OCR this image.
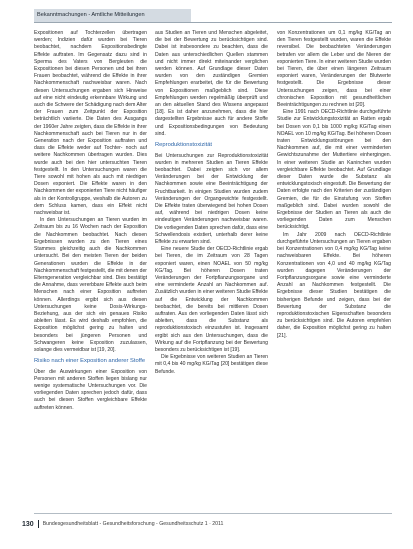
Bekanntmachungen - Amtliche Mitteilungen

Expositionen auf Tochterzellen übertragen werden; Indizien dafür wurden bei Tieren beobachtet, nachdem Expositionsbedingte Effekte auftraten. Im Gegensatz dazu sind in Sperma des Vaters von Bergleuten die Expositionen bei diesen Personen und bei ihren Frauen beobachtet, während die Effekte in ihrer Nachkommenschaft nachweisbar waren. Nach diesen Untersuchungen ergaben sich Hinweise auf eine nicht eindeutig erkennbare Wirkung und auch die Schwere der Schädigung nach dem Alter der Frauen zum Zeitpunkt der Exposition beträchtlich variierte. Die Daten des Ausgangs der 1960er Jahre zeigten, dass die Effekte in ihrer Nachkommenschaft auch bei Tieren nur in der Generation nach der Exposition auftraten und dass die Effekte weder auf Tochter- noch auf weitere Nachkommen übertragen wurden. Dies wurde auch bei den hier untersuchten Tieren festgestellt. In den Untersuchungen waren die Tiere sowohl mit hohen als auch mit niedrigen Dosen exponiert. Die Effekte waren in den Nachkommen der exponierten Tiere nicht häufiger als in der Kontrollgruppe, weshalb die Autoren zu dem Schluss kamen, dass ein Effekt nicht nachweisbar ist.

In den Untersuchungen an Tieren wurden im Zeitraum bis zu 16 Wochen nach der Exposition die Nachkommen beobachtet. Nach diesen Ergebnissen wurden zu den Tieren eines Stammes gleichzeitig auch die Nachkommen untersucht. Bei den meisten Tieren der beiden Generationen wurden die Effekte in der Nachkommenschaft festgestellt, die mit denen der Elterngeneration vergleichbar sind. Dies bestätigt die Annahme, dass vererbbare Effekte auch beim Menschen nach einer Exposition auftreten können. Allerdings ergibt sich aus diesen Untersuchungen keine Dosis-Wirkungs-Beziehung, aus der sich ein genaues Risiko ableiten lässt. Es wird deshalb empfohlen, die Exposition möglichst gering zu halten und besonders bei jüngeren Personen und Schwangeren keine Exposition zuzulassen, solange dies vermeidbar ist [19, 20].

Risiko nach einer Exposition anderer Stoffe

Über die Auswirkungen einer Exposition von Personen mit anderen Stoffen liegen bislang nur wenige systematische Untersuchungen vor. Die vorliegenden Daten sprechen jedoch dafür, dass auch bei diesen Stoffen vergleichbare Effekte auftreten können.

aus Studien an Tieren und Menschen abgeleitet, die bei der Bewertung zu berücksichtigen sind. Dabei ist insbesondere zu beachten, dass die Daten aus unterschiedlichen Quellen stammen und nicht immer direkt miteinander verglichen werden können. Auf Grundlage dieser Daten wurden von den zuständigen Gremien Empfehlungen erarbeitet, die für die Bewertung von Expositionen maßgeblich sind. Diese Empfehlungen werden regelmäßig überprüft und an den aktuellen Stand des Wissens angepasst [18]. Es ist daher anzunehmen, dass die hier dargestellten Ergebnisse auch für andere Stoffe und Expositionsbedingungen von Bedeutung sind.

Reproduktionstoxizität

Bei Untersuchungen zur Reproduktionstoxizität wurden in mehreren Studien an Tieren Effekte beobachtet. Dabei zeigten sich vor allem Veränderungen bei der Entwicklung der Nachkommen sowie eine Beeinträchtigung der Fruchtbarkeit. In einigen Studien wurden zudem Veränderungen der Organgewichte festgestellt. Die Effekte traten überwiegend bei hohen Dosen auf, während bei niedrigen Dosen keine eindeutigen Veränderungen nachweisbar waren. Die vorliegenden Daten sprechen dafür, dass eine Schwellendosis existiert, unterhalb derer keine Effekte zu erwarten sind.

Eine neuere Studie der OECD-Richtlinie ergab bei Tieren, die im Zeitraum von 28 Tagen exponiert waren, einen NOAEL von 50 mg/kg KG/Tag. Bei höheren Dosen traten Veränderungen der Fortpflanzungsorgane und eine verminderte Anzahl an Nachkommen auf. Zusätzlich wurden in einer weiteren Studie Effekte auf die Entwicklung der Nachkommen beobachtet, die bereits bei mittleren Dosen auftraten. Aus den vorliegenden Daten lässt sich ableiten, dass die Substanz als reproduktionstoxisch einzustufen ist. Insgesamt ergibt sich aus den Untersuchungen, dass die Wirkung auf die Fortpflanzung bei der Bewertung besonders zu berücksichtigen ist [19].

Die Ergebnisse von weiteren Studien an Tieren mit 0,4 bis 40 mg/kg KG/Tag [20] bestätigen diese Befunde.

von Konzentrationen um 0,1 mg/kg KG/Tag an den Tieren festgestellt wurden, waren die Effekte reversibel. Die beobachteten Veränderungen betrafen vor allem die Leber und die Nieren der exponierten Tiere. In einer weiteren Studie wurden bei Tieren, die über einen längeren Zeitraum exponiert waren, Veränderungen der Blutwerte festgestellt. Die Ergebnisse dieser Untersuchungen zeigen, dass bei einer chronischen Exposition mit gesundheitlichen Beeinträchtigungen zu rechnen ist [20].

Eine 1991 nach OECD-Richtlinie durchgeführte Studie zur Entwicklungstoxizität an Ratten ergab bei Dosen von 0,1 bis 1000 mg/kg KG/Tag einen NOAEL von 10 mg/kg KG/Tag. Bei höheren Dosen traten Entwicklungsstörungen bei den Nachkommen auf, die mit einer verminderten Gewichtszunahme der Muttertiere einhergingen. In einer weiteren Studie an Kaninchen wurden vergleichbare Effekte beobachtet. Auf Grundlage dieser Daten wurde die Substanz als entwicklungstoxisch eingestuft. Die Bewertung der Daten erfolgte nach den Kriterien der zuständigen Gremien, die für die Einstufung von Stoffen maßgeblich sind. Dabei wurden sowohl die Ergebnisse der Studien an Tieren als auch die vorliegenden Daten zum Menschen berücksichtigt.

Im Jahr 2009 nach OECD-Richtlinie durchgeführte Untersuchungen an Tieren ergaben bei Konzentrationen von 0,4 mg/kg KG/Tag keine nachweisbaren Effekte. Bei höheren Konzentrationen von 4,0 und 40 mg/kg KG/Tag wurden dagegen Veränderungen der Fortpflanzungsorgane sowie eine verminderte Anzahl an Nachkommen festgestellt. Die Ergebnisse dieser Studien bestätigen die bisherigen Befunde und zeigen, dass bei der Bewertung der Substanz die reproduktionstoxischen Eigenschaften besonders zu berücksichtigen sind. Die Autoren empfehlen daher, die Exposition möglichst gering zu halten [21].

130 Bundesgesundheitsblatt - Gesundheitsforschung - Gesundheitsschutz 1 · 2011
